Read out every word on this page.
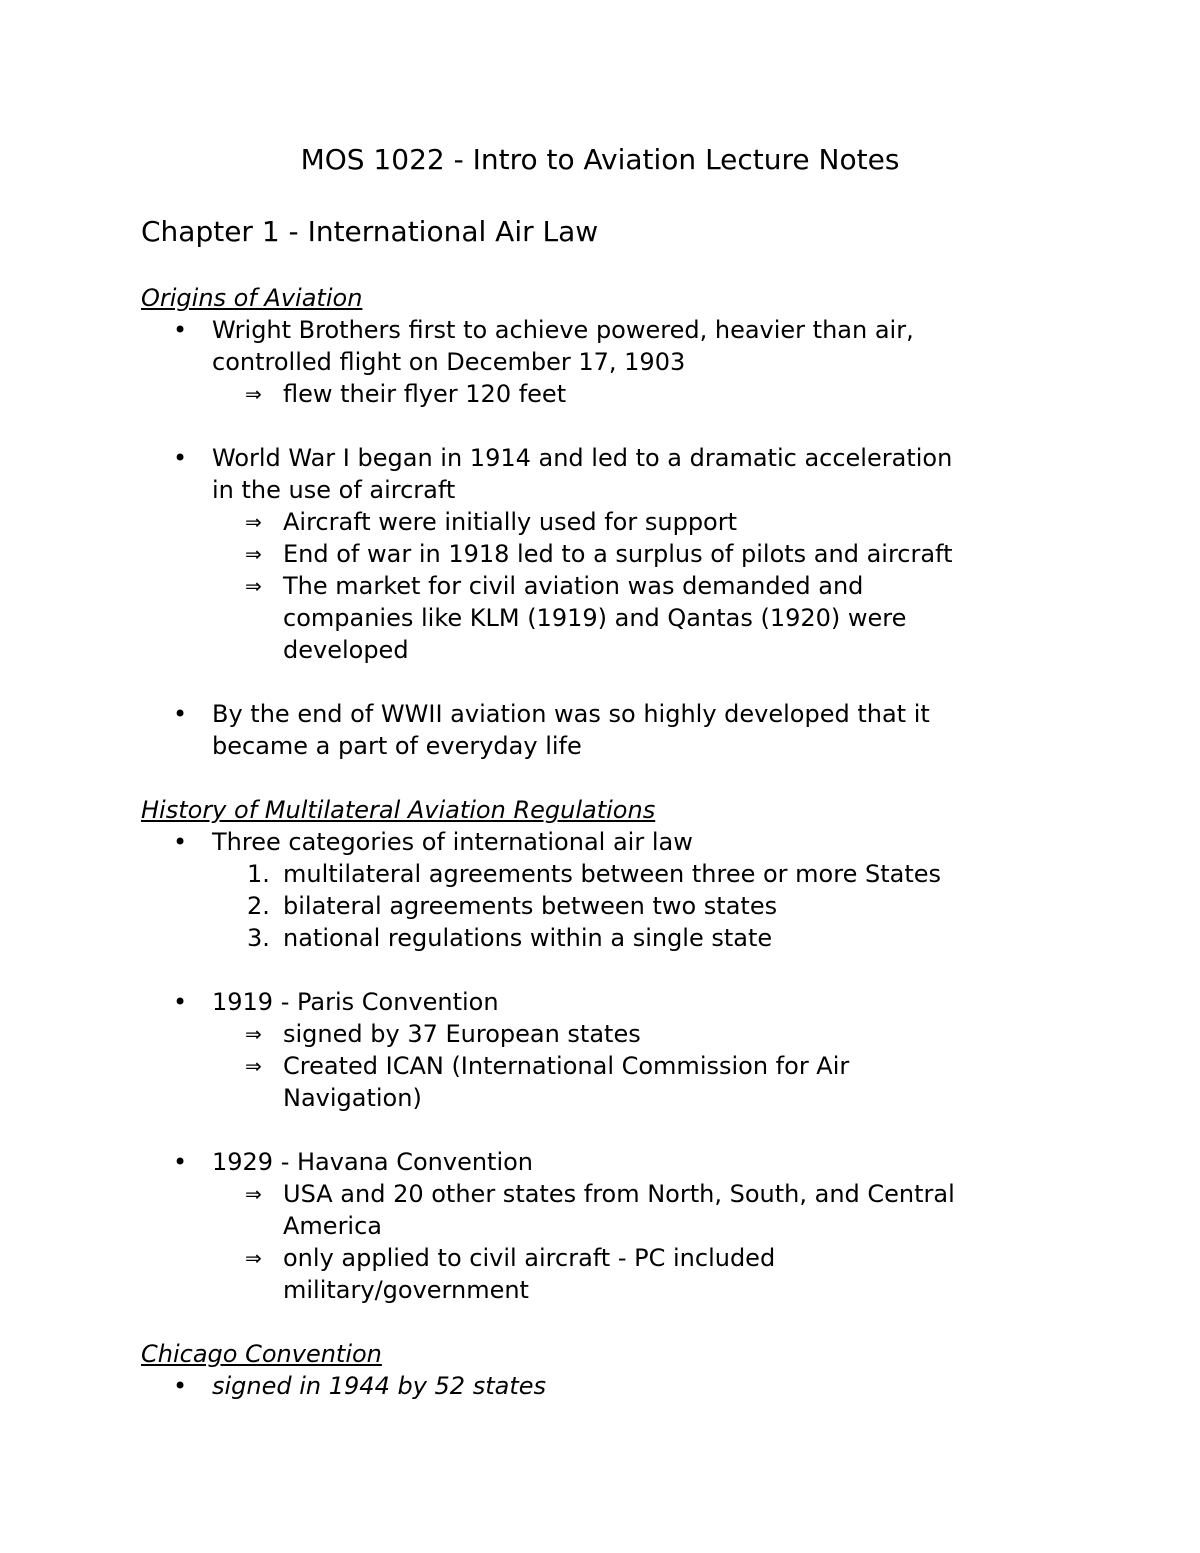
MOS 1022 - Intro to Aviation Lecture Notes
Chapter 1 - International Air Law
Origins of Aviation
• Wright Brothers first to achieve powered, heavier than air,
controlled flight on December 17, 1903
⇒ flew their flyer 120 feet
• World War I began in 1914 and led to a dramatic acceleration
in the use of aircraft
⇒ Aircraft were initially used for support
⇒ End of war in 1918 led to a surplus of pilots and aircraft
⇒ The market for civil aviation was demanded and
companies like KLM (1919) and Qantas (1920) were
developed
• By the end of WWII aviation was so highly developed that it
became a part of everyday life
History of Multilateral Aviation Regulations
• Three categories of international air law
1. multilateral agreements between three or more States
2. bilateral agreements between two states
3. national regulations within a single state
• 1919 - Paris Convention
⇒ signed by 37 European states
⇒ Created ICAN (International Commission for Air
Navigation)
• 1929 - Havana Convention
⇒ USA and 20 other states from North, South, and Central
America
⇒ only applied to civil aircraft - PC included
military/government
Chicago Convention
• signed in 1944 by 52 states
